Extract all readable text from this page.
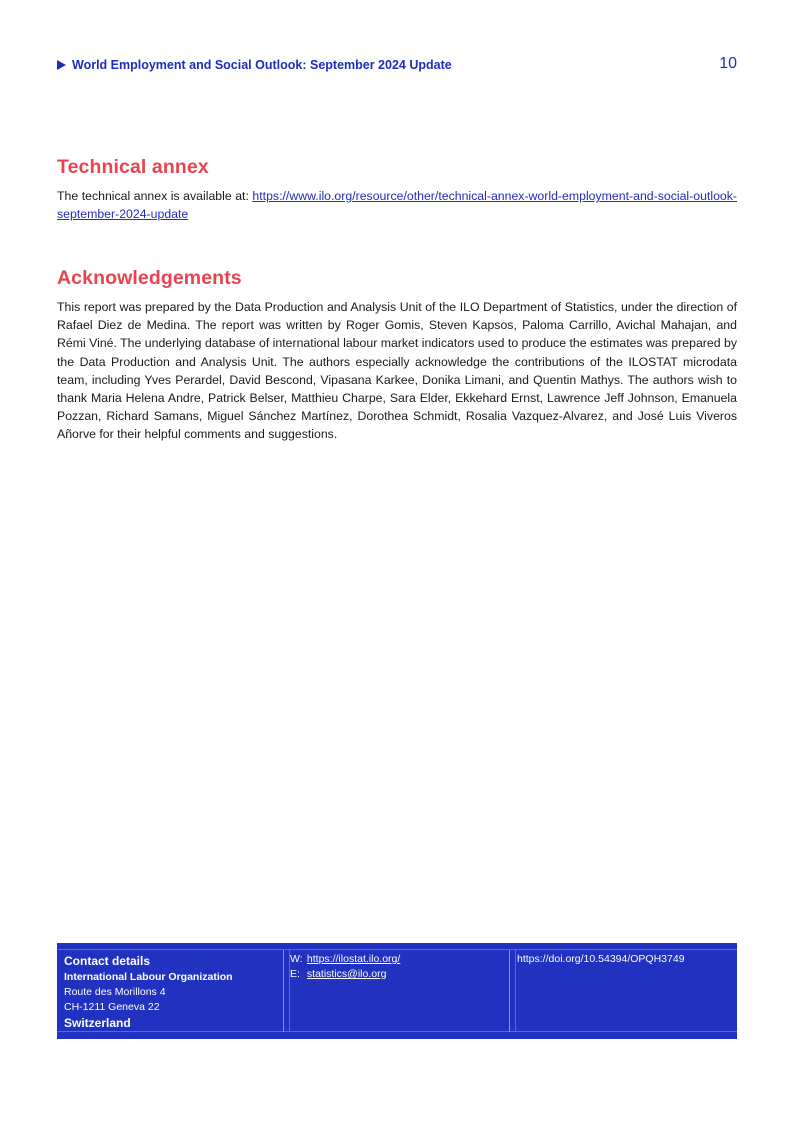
World Employment and Social Outlook: September 2024 Update	10
Technical annex

The technical annex is available at: https://www.ilo.org/resource/other/technical-annex-world-employment-and-social-outlook-september-2024-update

Acknowledgements

This report was prepared by the Data Production and Analysis Unit of the ILO Department of Statistics, under the direction of Rafael Diez de Medina. The report was written by Roger Gomis, Steven Kapsos, Paloma Carrillo, Avichal Mahajan, and Rémi Viné. The underlying database of international labour market indicators used to produce the estimates was prepared by the Data Production and Analysis Unit. The authors especially acknowledge the contributions of the ILOSTAT microdata team, including Yves Perardel, David Bescond, Vipasana Karkee, Donika Limani, and Quentin Mathys. The authors wish to thank Maria Helena Andre, Patrick Belser, Matthieu Charpe, Sara Elder, Ekkehard Ernst, Lawrence Jeff Johnson, Emanuela Pozzan, Richard Samans, Miguel Sánchez Martínez, Dorothea Schmidt, Rosalia Vazquez-Alvarez, and José Luis Viveros Añorve for their helpful comments and suggestions.

Contact details
International Labour Organization
Route des Morillons 4
CH-1211 Geneva 22
Switzerland
W: https://ilostat.ilo.org/
E: statistics@ilo.org
https://doi.org/10.54394/OPQH3749
